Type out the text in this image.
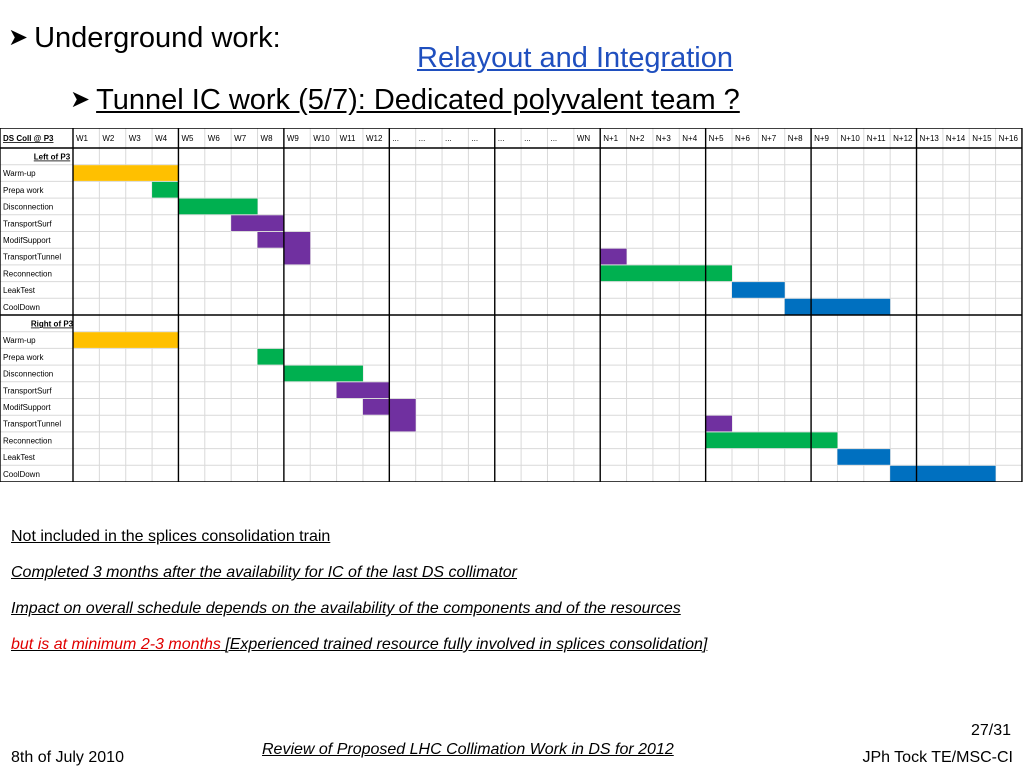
➤ Underground work:
Relayout and Integration
➤ Tunnel IC work (5/7): Dedicated polyvalent team ?
DS Coll @ P3	W1 W2 W3 W4 W5 W6 W7 W8 W9 W10 W11 W12 ... ... ... ... ... ... ... WN N+1 N+2 N+3 N+4 N+5 N+6 N+7 N+8 N+9 N+10 N+11 N+12 N+13 N+14 N+15 N+16
Left of P3
Warm-up
Prepa work
Disconnection
TransportSurf
ModifSupport
TransportTunnel
Reconnection
LeakTest
CoolDown
Right of P3
Warm-up
Prepa work
Disconnection
TransportSurf
ModifSupport
TransportTunnel
Reconnection
LeakTest
CoolDown
Not included in the splices consolidation train
Completed 3 months after the availability for IC of the last DS collimator
Impact on overall schedule depends on the availability of the components and of the resources
but is at minimum 2-3 months [Experienced trained resource fully involved in splices consolidation]
8th of July 2010	Review of Proposed LHC Collimation Work in DS for 2012
27/31
JPh Tock TE/MSC-CI
